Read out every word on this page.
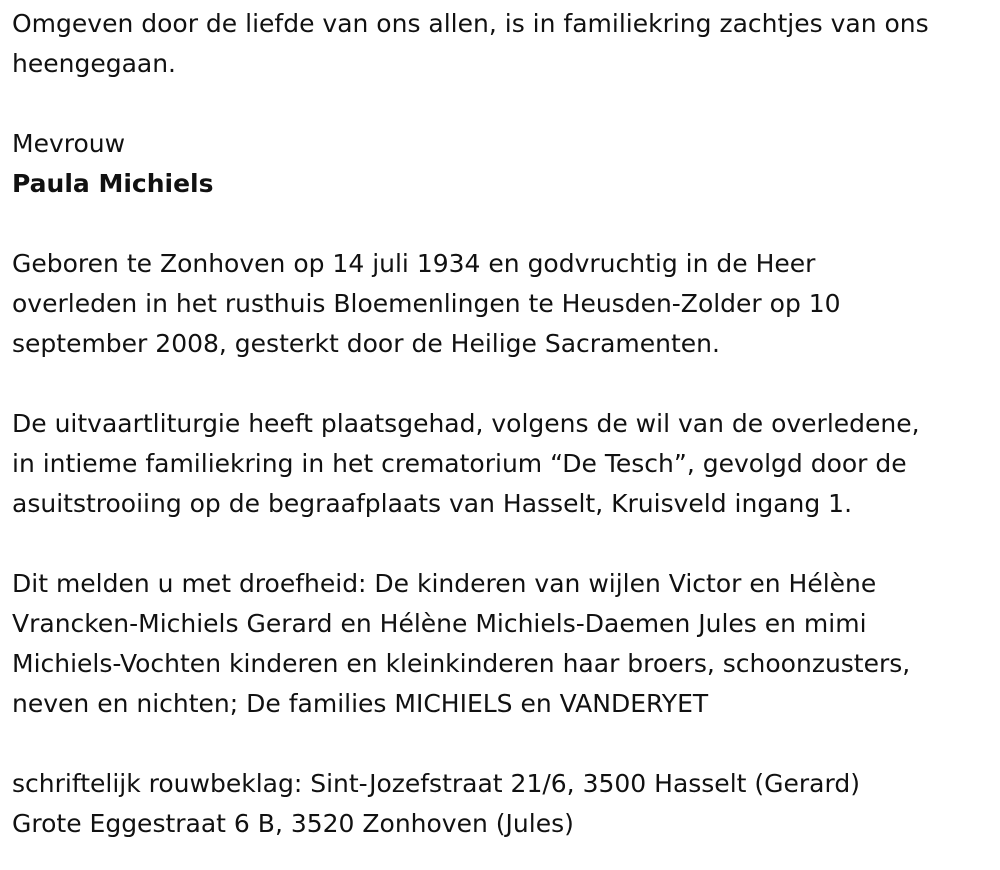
Omgeven door de liefde van ons allen, is in familiekring zachtjes van ons
heengegaan.

Mevrouw

Paula Michiels

Geboren te Zonhoven op 14 juli 1934 en godvruchtig in de Heer
overleden in het rusthuis Bloemenlingen te Heusden-Zolder op 10
september 2008, gesterkt door de Heilige Sacramenten.

De uitvaartliturgie heeft plaatsgehad, volgens de wil van de overledene,
in intieme familiekring in het crematorium “De Tesch”, gevolgd door de
asuitstrooiing op de begraafplaats van Hasselt, Kruisveld ingang 1.

Dit melden u met droefheid: De kinderen van wijlen Victor en Hélène
Vrancken-Michiels Gerard en Hélène Michiels-Daemen Jules en mimi
Michiels-Vochten kinderen en kleinkinderen haar broers, schoonzusters,
neven en nichten; De families MICHIELS en VANDERYET

schriftelijk rouwbeklag: Sint-Jozefstraat 21/6, 3500 Hasselt (Gerard)
Grote Eggestraat 6 B, 3520 Zonhoven (Jules)
